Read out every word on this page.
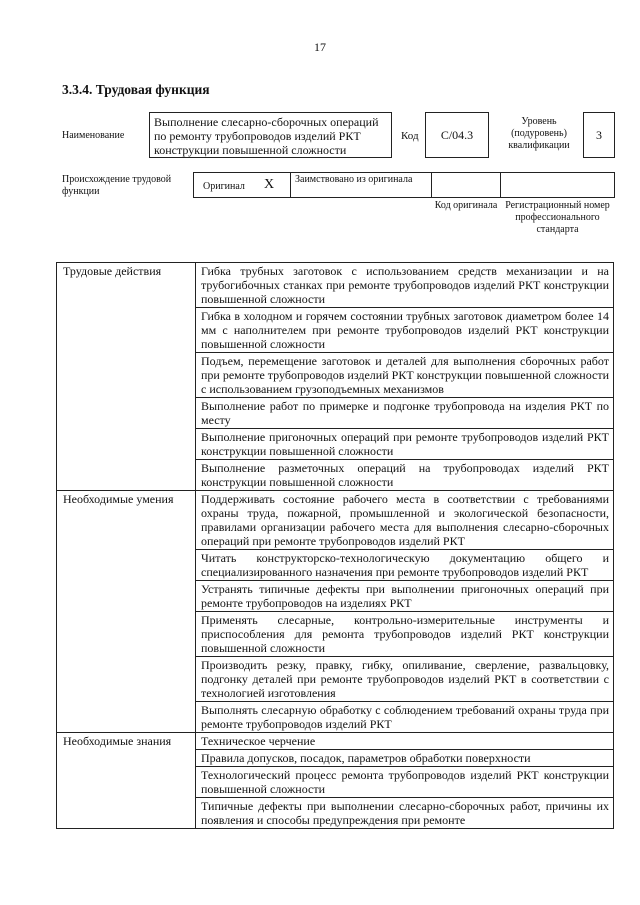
17
3.3.4. Трудовая функция
Наименование
Выполнение слесарно-сборочных операций по ремонту трубопроводов изделий РКТ конструкции повышенной сложности
Код	C/04.3
Уровень (подуровень) квалификации
3
Происхождение трудовой функции	Оригинал X	Заимствовано из оригинала
Код оригинала Регистрационный номер профессионального стандарта
Трудовые действия	Гибка трубных заготовок с использованием средств механизации и на трубогибочных станках при ремонте трубопроводов изделий РКТ конструкции повышенной сложности
	Гибка в холодном и горячем состоянии трубных заготовок диаметром более 14 мм с наполнителем при ремонте трубопроводов изделий РКТ конструкции повышенной сложности
	Подъем, перемещение заготовок и деталей для выполнения сборочных работ при ремонте трубопроводов изделий РКТ конструкции повышенной сложности с использованием грузоподъемных механизмов
	Выполнение работ по примерке и подгонке трубопровода на изделия РКТ по месту
	Выполнение пригоночных операций при ремонте трубопроводов изделий РКТ конструкции повышенной сложности
	Выполнение разметочных операций на трубопроводах изделий РКТ конструкции повышенной сложности
Необходимые умения	Поддерживать состояние рабочего места в соответствии с требованиями охраны труда, пожарной, промышленной и экологической безопасности, правилами организации рабочего места для выполнения слесарно-сборочных операций при ремонте трубопроводов изделий РКТ
	Читать конструкторско-технологическую документацию общего и специализированного назначения при ремонте трубопроводов изделий РКТ
	Устранять типичные дефекты при выполнении пригоночных операций при ремонте трубопроводов на изделиях РКТ
	Применять слесарные, контрольно-измерительные инструменты и приспособления для ремонта трубопроводов изделий РКТ конструкции повышенной сложности
	Производить резку, правку, гибку, опиливание, сверление, развальцовку, подгонку деталей при ремонте трубопроводов изделий РКТ в соответствии с технологией изготовления
	Выполнять слесарную обработку с соблюдением требований охраны труда при ремонте трубопроводов изделий РКТ
Необходимые знания	Техническое черчение
	Правила допусков, посадок, параметров обработки поверхности
	Технологический процесс ремонта трубопроводов изделий РКТ конструкции повышенной сложности
	Типичные дефекты при выполнении слесарно-сборочных работ, причины их появления и способы предупреждения при ремонте
